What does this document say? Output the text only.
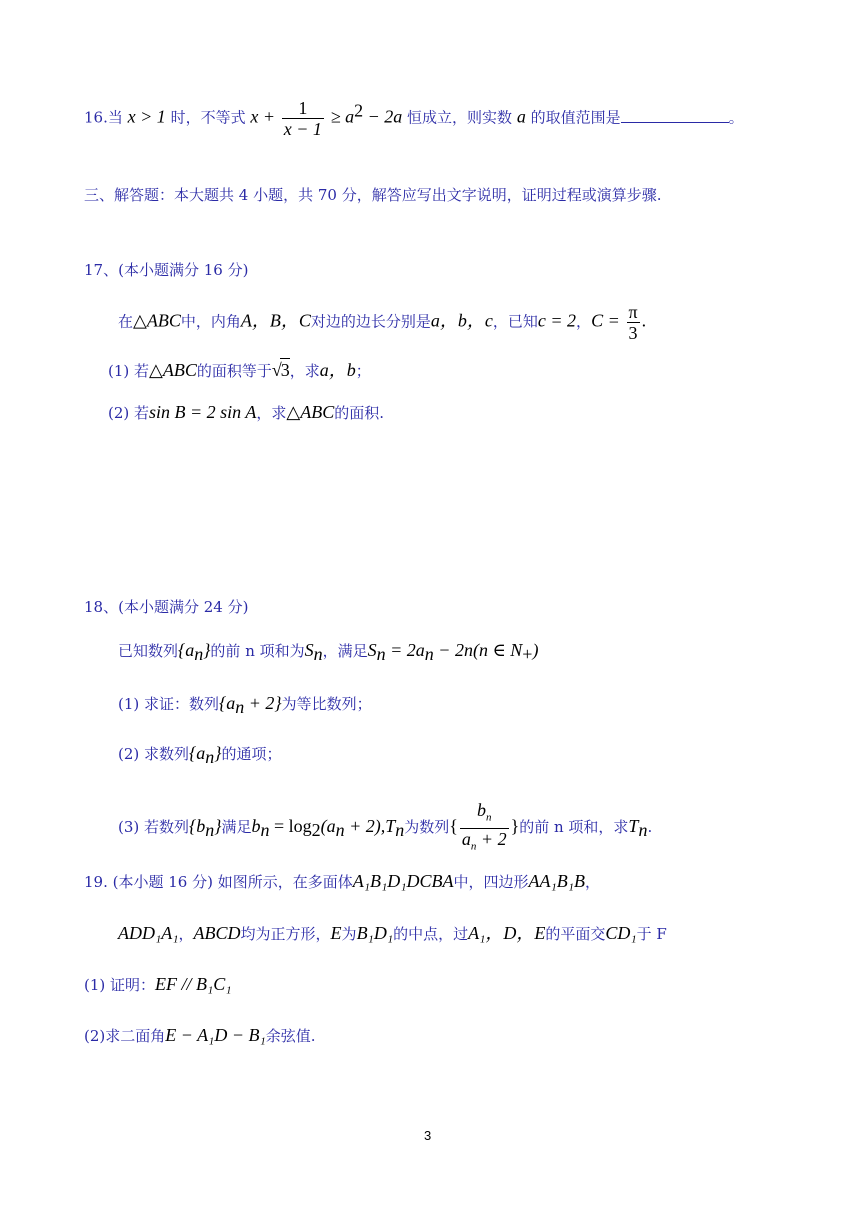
16.当 x > 1 时，不等式 $x + \frac{1}{x - 1} \ge a^2 - 2a$ 恒成立，则实数 a 的取值范围是	。
三、解答题：本大题共 4 小题，共 70 分，解答应写出文字说明，证明过程或演算步骤.
17、(本小题满分 16 分)
在△ABC中，内角A，B，C对边的边长分别是a，b，c，已知c = 2，$C = \frac{\pi}{3}$ .
(1) 若△ABC的面积等于√3，求a，b；
(2) 若sin B = 2 sin A，求△ABC的面积.
18、(本小题满分 24 分)
已知数列$\{a_n\}$的前 n 项和为$S_n$，满足$S_n = 2a_n - 2n(n$ ∈ $N_+$)
(1) 求证：数列$\{a_n + 2\}$为等比数列；
(2) 求数列$\{a_n\}$的通项；
(3) 若数列$\{b_n\}$满足$b_n = \log_2(a_n + 2),T_n$为数列{ $\frac{b_n}{a_n + 2}$ }的前 n 项和，求$T_n$.
19. (本小题 16 分) 如图所示，在多面体A₁B₁D₁DCBA中，四边形AA₁B₁B，
ADD₁A₁，ABCD均为正方形，E为B₁D₁的中点，过A₁，D，E的平面交CD₁于 F
(1) 证明：EF // B₁C₁
(2)求二面角E − A₁D − B₁余弦值.
3
